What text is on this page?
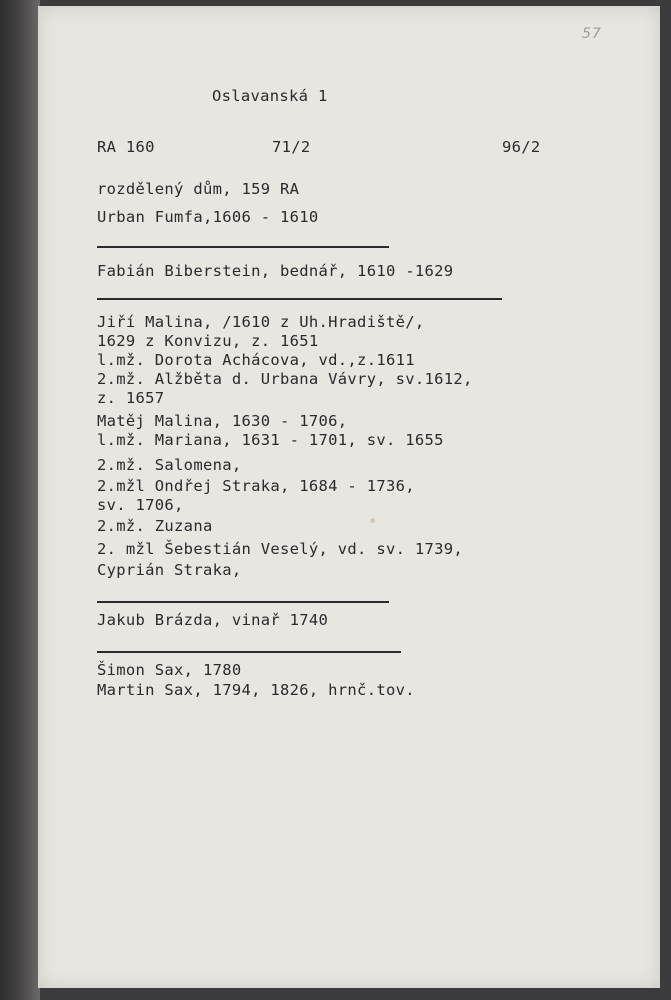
57
Oslavanská 1
RA 160	71/2	96/2
rozdělený dům, 159 RA
Urban Fumfa,1606 - 1610
Fabián Biberstein, bednář, 1610 -1629
Jiří Malina, /1610 z Uh.Hradiště/,
1629 z Konvizu, z. 1651
l.mž. Dorota Achácova, vd.,z.1611
2.mž. Alžběta d. Urbana Vávry, sv.1612,
z. 1657
Matěj Malina, 1630 - 1706,
l.mž. Mariana, 1631 - 1701, sv. 1655
2.mž. Salomena,
2.mžl Ondřej Straka, 1684 - 1736,
sv. 1706,
2.mž. Zuzana
2. mžl Šebestián Veselý, vd. sv. 1739,
Cyprián Straka,
Jakub Brázda, vinař 1740
Šimon Sax, 1780
Martin Sax, 1794, 1826, hrnč.tov.
